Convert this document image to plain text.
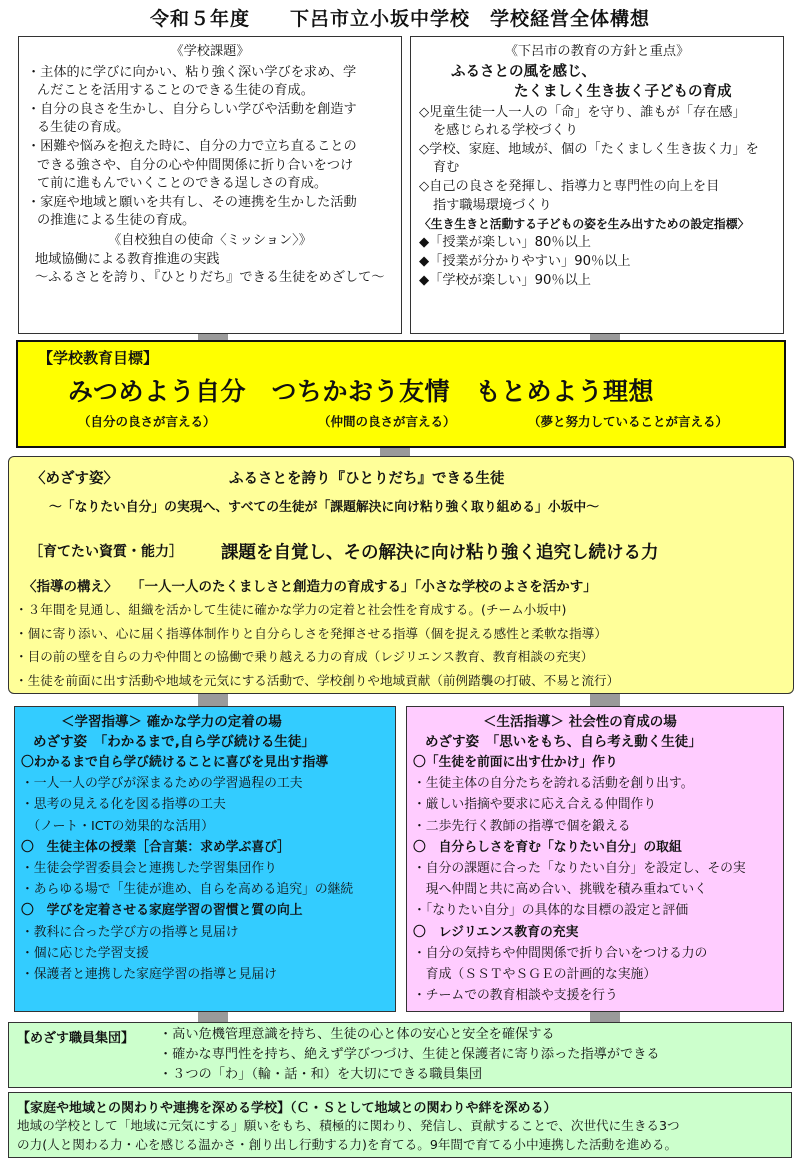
令和５年度　　下呂市立小坂中学校　学校経営全体構想
《学校課題》
・主体的に学びに向かい、粘り強く深い学びを求め、学
んだことを活用することのできる生徒の育成。
・自分の良さを生かし、自分らしい学びや活動を創造す
る生徒の育成。
・困難や悩みを抱えた時に、自分の力で立ち直ることの
できる強さや、自分の心や仲間関係に折り合いをつけ
て前に進もんでいくことのできる逞しさの育成。
・家庭や地域と願いを共有し、その連携を生かした活動
の推進による生徒の育成。
《自校独自の使命〈ミッション〉》
地域協働による教育推進の実践
～ふるさとを誇り、『ひとりだち』できる生徒をめざして～
《下呂市の教育の方針と重点》
ふるさとの風を感じ、
たくましく生き抜く子どもの育成
◇児童生徒一人一人の「命」を守り、誰もが「存在感」
を感じられる学校づくり
◇学校、家庭、地域が、個の「たくましく生き抜く力」を
育む
◇自己の良さを発揮し、指導力と専門性の向上を目
指す職場環境づくり
〈生き生きと活動する子どもの姿を生み出すための設定指標〉
◆「授業が楽しい」80％以上
◆「授業が分かりやすい」90％以上
◆「学校が楽しい」90％以上
【学校教育目標】
みつめよう自分　つちかおう友情　もとめよう理想
（自分の良さが言える）	（仲間の良さが言える）	（夢と努力していることが言える）
〈めざす姿〉	ふるさとを誇り『ひとりだち』できる生徒
～「なりたい自分」の実現へ、すべての生徒が「課題解決に向け粘り強く取り組める」小坂中～
［育てたい資質・能力］ 課題を自覚し、その解決に向け粘り強く追究し続ける力
〈指導の構え〉 「一人一人のたくましさと創造力の育成する」「小さな学校のよさを活かす」
・３年間を見通し、組織を活かして生徒に確かな学力の定着と社会性を育成する。(チーム小坂中)
・個に寄り添い、心に届く指導体制作りと自分らしさを発揮させる指導（個を捉える感性と柔軟な指導）
・目の前の壁を自らの力や仲間との協働で乗り越える力の育成（レジリエンス教育、教育相談の充実）
・生徒を前面に出す活動や地域を元気にする活動で、学校創りや地域貢献（前例踏襲の打破、不易と流行）
＜学習指導＞ 確かな学力の定着の場
めざす姿　「わかるまで,自ら学び続ける生徒」
〇わかるまで自ら学び続けることに喜びを見出す指導
・一人一人の学びが深まるための学習過程の工夫
・思考の見える化を図る指導の工夫
　（ノート・ICTの効果的な活用）
〇　生徒主体の授業［合言葉：求め学ぶ喜び］
・生徒会学習委員会と連携した学習集団作り
・あらゆる場で「生徒が進め、自らを高める追究」の継続
〇　学びを定着させる家庭学習の習慣と質の向上
・教科に合った学び方の指導と見届け
・個に応じた学習支援
・保護者と連携した家庭学習の指導と見届け
＜生活指導＞ 社会性の育成の場
めざす姿　「思いをもち、自ら考え動く生徒」
〇「生徒を前面に出す仕かけ」作り
・生徒主体の自分たちを誇れる活動を創り出す。
・厳しい指摘や要求に応え合える仲間作り
・二歩先行く教師の指導で個を鍛える
〇　自分らしさを育む「なりたい自分」の取組
・自分の課題に合った「なりたい自分」を設定し、その実
　現へ仲間と共に高め合い、挑戦を積み重ねていく
・「なりたい自分」の具体的な目標の設定と評価
〇　レジリエンス教育の充実
・自分の気持ちや仲間関係で折り合いをつける力の
　育成（ＳＳＴやＳＧＥの計画的な実施）
・チームでの教育相談や支援を行う
【めざす職員集団】 ・高い危機管理意識を持ち、生徒の心と体の安心と安全を確保する
・確かな専門性を持ち、絶えず学びつづけ、生徒と保護者に寄り添った指導ができる
・３つの「わ」（輪・話・和）を大切にできる職員集団
【家庭や地域との関わりや連携を深める学校】（Ｃ・Ｓとして地域との関わりや絆を深める）
地域の学校として「地域に元気にする」願いをもち、積極的に関わり、発信し、貢献することで、次世代に生きる3つ
の力(人と関わる力・心を感じる温かさ・創り出し行動する力)を育てる。9年間で育てる小中連携した活動を進める。
